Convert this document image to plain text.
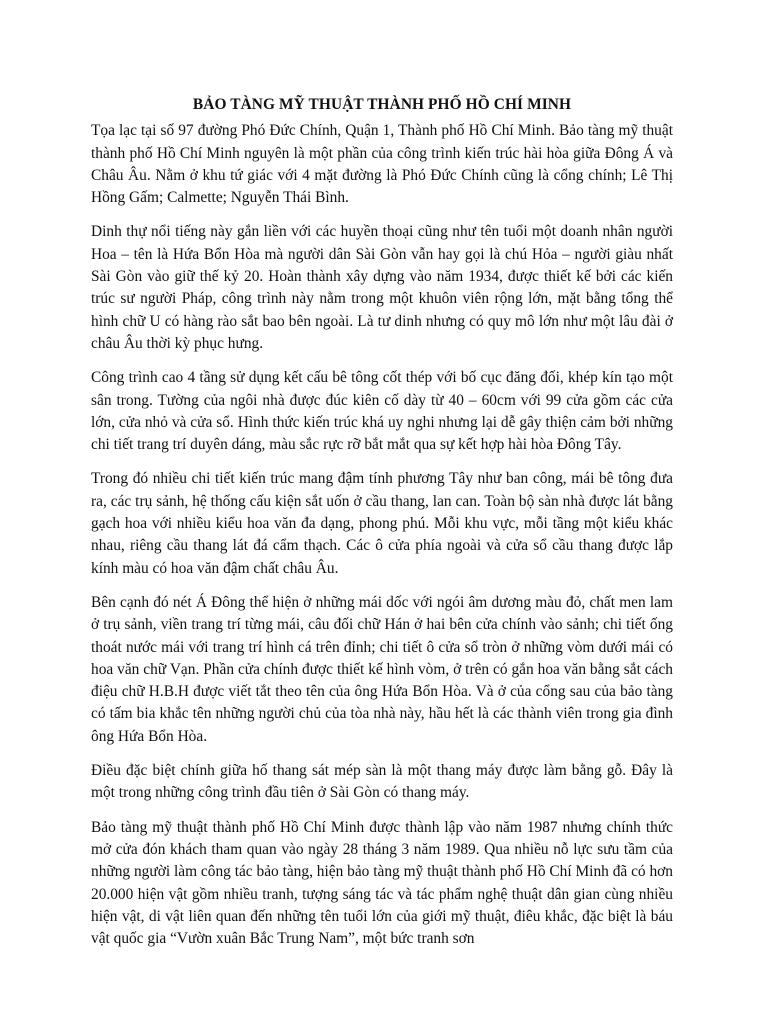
BẢO TÀNG MỸ THUẬT THÀNH PHỐ HỒ CHÍ MINH

Tọa lạc tại số 97 đường Phó Đức Chính, Quận 1, Thành phố Hồ Chí Minh. Bảo tàng mỹ thuật thành phố Hồ Chí Minh nguyên là một phần của công trình kiến trúc hài hòa giữa Đông Á và Châu Âu. Nằm ở khu tứ giác với 4 mặt đường là Phó Đức Chính cũng là cổng chính; Lê Thị Hồng Gấm; Calmette; Nguyễn Thái Bình.

Dinh thự nổi tiếng này gắn liền với các huyền thoại cũng như tên tuổi một doanh nhân người Hoa – tên là Hứa Bổn Hòa mà người dân Sài Gòn vẫn hay gọi là chú Hỏa – người giàu nhất Sài Gòn vào giữ thế kỷ 20. Hoàn thành xây dựng vào năm 1934, được thiết kế bởi các kiến trúc sư người Pháp, công trình này nằm trong một khuôn viên rộng lớn, mặt bằng tổng thể hình chữ U có hàng rào sắt bao bên ngoài. Là tư dinh nhưng có quy mô lớn như một lâu đài ở châu Âu thời kỳ phục hưng.

Công trình cao 4 tầng sử dụng kết cấu bê tông cốt thép với bố cục đăng đối, khép kín tạo một sân trong. Tường của ngôi nhà được đúc kiên cố dày từ 40 – 60cm với 99 cửa gồm các cửa lớn, cửa nhỏ và cửa sổ. Hình thức kiến trúc khá uy nghi nhưng lại dễ gây thiện cảm bởi những chi tiết trang trí duyên dáng, màu sắc rực rỡ bắt mắt qua sự kết hợp hài hòa Đông Tây.

Trong đó nhiều chi tiết kiến trúc mang đậm tính phương Tây như ban công, mái bê tông đưa ra, các trụ sảnh, hệ thống cấu kiện sắt uốn ở cầu thang, lan can. Toàn bộ sàn nhà được lát bằng gạch hoa với nhiều kiểu hoa văn đa dạng, phong phú. Mỗi khu vực, mỗi tầng một kiểu khác nhau, riêng cầu thang lát đá cẩm thạch. Các ô cửa phía ngoài và cửa sổ cầu thang được lắp kính màu có hoa văn đậm chất châu Âu.

Bên cạnh đó nét Á Đông thể hiện ở những mái dốc với ngói âm dương màu đỏ, chất men lam ở trụ sảnh, viền trang trí từng mái, câu đối chữ Hán ở hai bên cửa chính vào sảnh; chi tiết ống thoát nước mái với trang trí hình cá trên đỉnh; chi tiết ô cửa sổ tròn ở những vòm dưới mái có hoa văn chữ Vạn. Phần cửa chính được thiết kế hình vòm, ở trên có gắn hoa văn bằng sắt cách điệu chữ H.B.H được viết tắt theo tên của ông Hứa Bổn Hòa. Và ở của cổng sau của bảo tàng có tấm bia khắc tên những người chủ của tòa nhà này, hầu hết là các thành viên trong gia đình ông Hứa Bổn Hòa.

Điều đặc biệt chính giữa hố thang sát mép sàn là một thang máy được làm bằng gỗ. Đây là một trong những công trình đầu tiên ở Sài Gòn có thang máy.

Bảo tàng mỹ thuật thành phố Hồ Chí Minh được thành lập vào năm 1987 nhưng chính thức mở cửa đón khách tham quan vào ngày 28 tháng 3 năm 1989. Qua nhiều nỗ lực sưu tầm của những người làm công tác bảo tàng, hiện bảo tàng mỹ thuật thành phố Hồ Chí Minh đã có hơn 20.000 hiện vật gồm nhiều tranh, tượng sáng tác và tác phẩm nghệ thuật dân gian cùng nhiều hiện vật, di vật liên quan đến những tên tuổi lớn của giới mỹ thuật, điêu khắc, đặc biệt là báu vật quốc gia “Vườn xuân Bắc Trung Nam”, một bức tranh sơn
